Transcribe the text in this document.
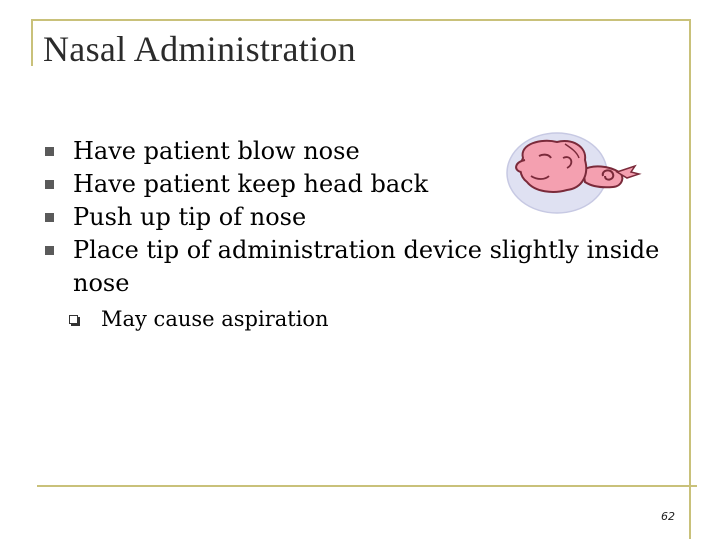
Nasal Administration
Have patient blow nose
Have patient keep head back
Push up tip of nose
Place tip of administration device slightly inside nose
May cause aspiration
62
